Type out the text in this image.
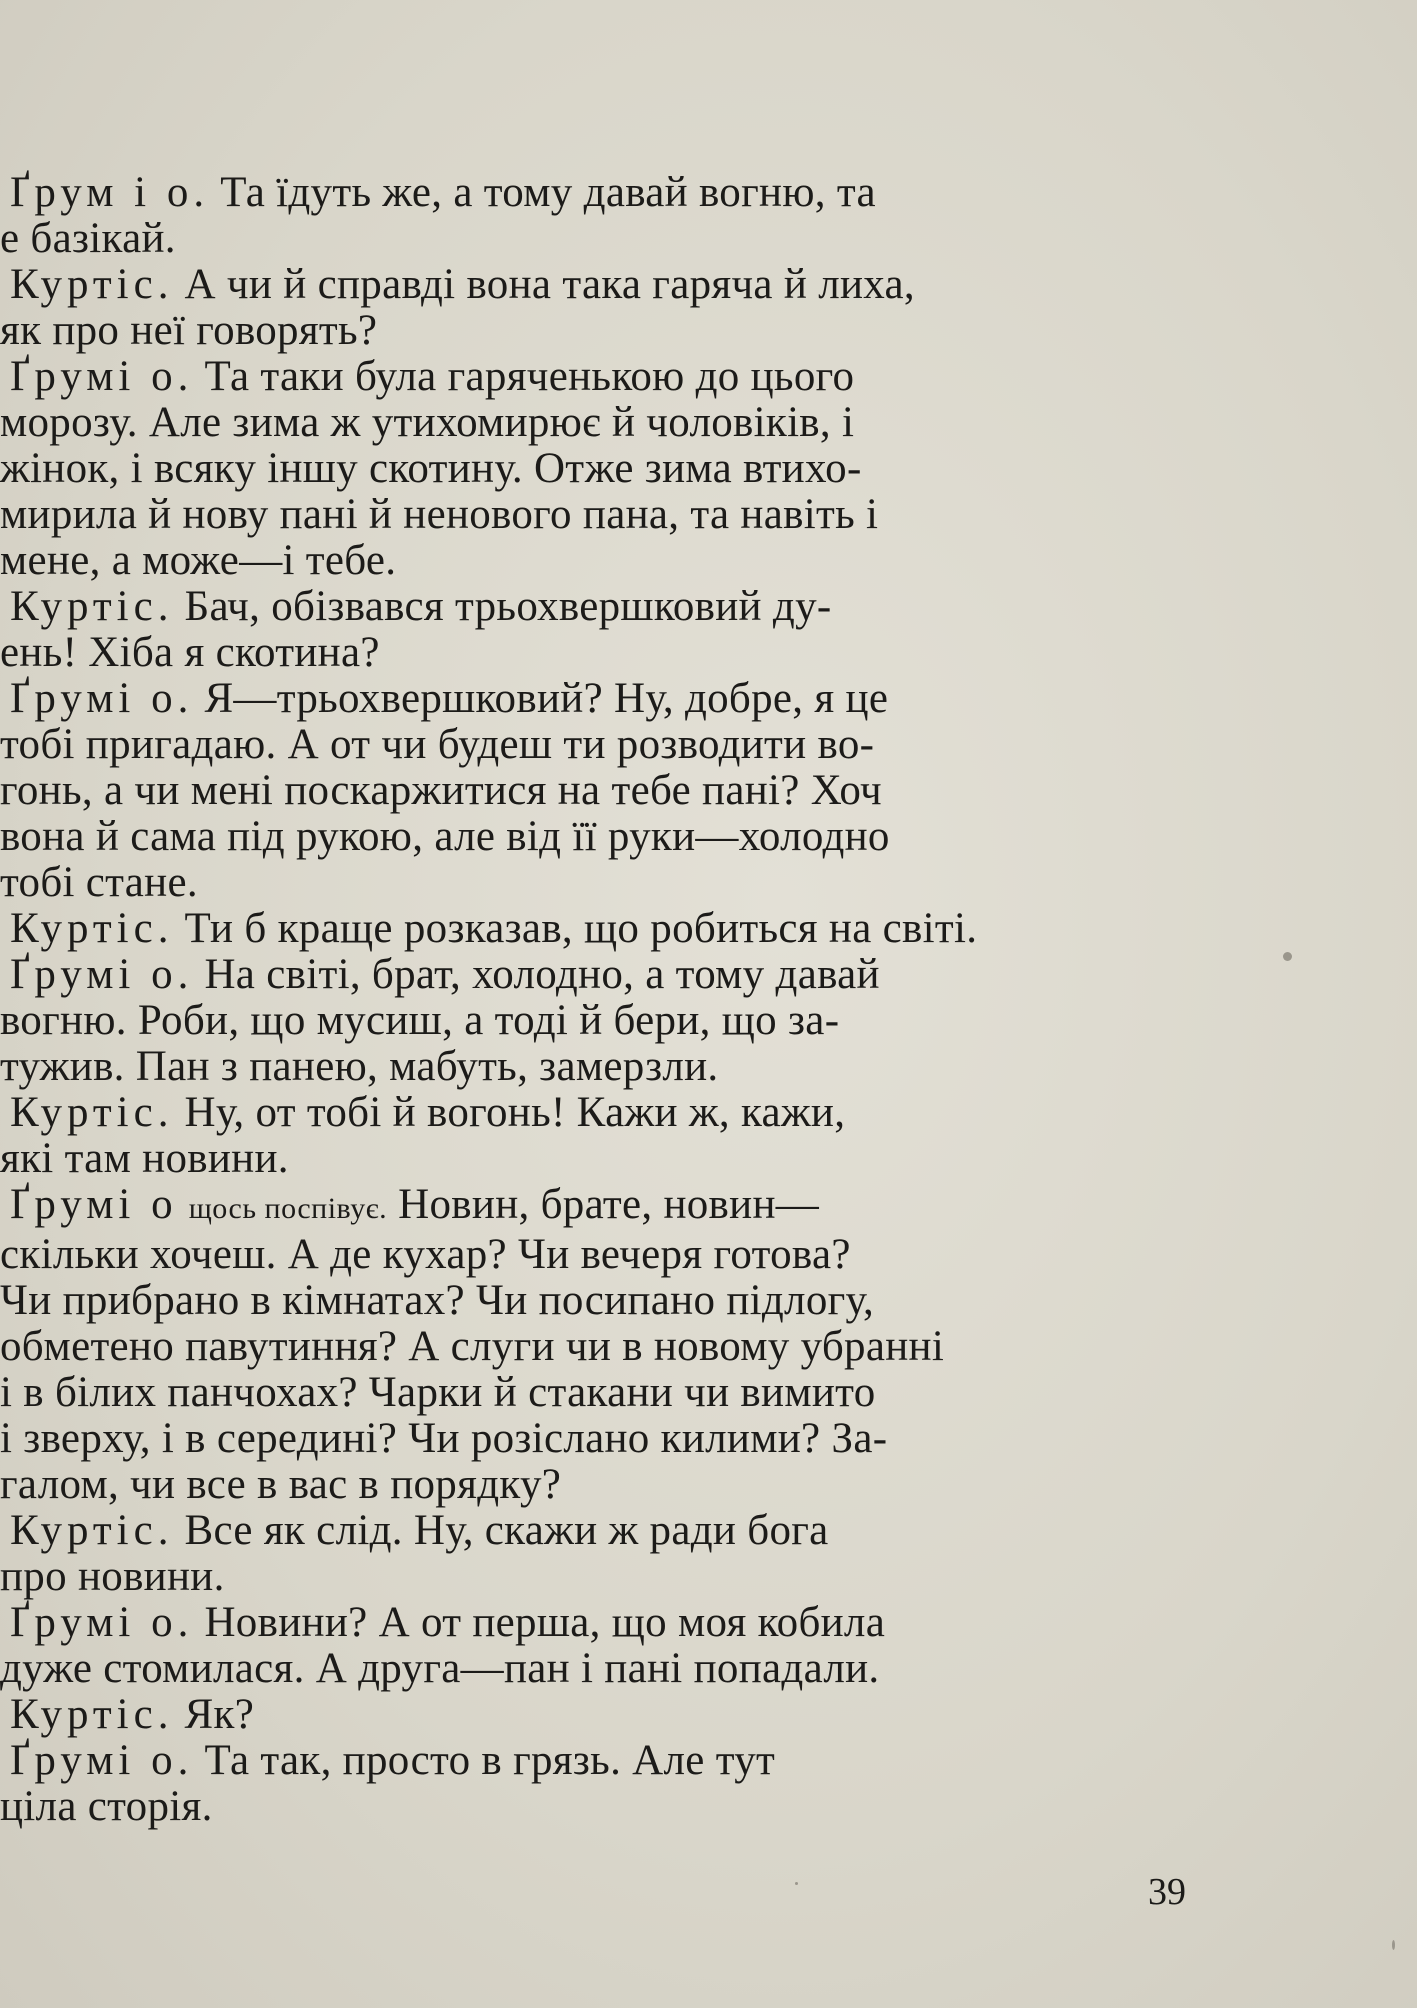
Ґрум і о. Та їдуть же, а тому давай вогню, та
е базікай.
Куртіс. А чи й справді вона така гаряча й лиха,
як про неї говорять?
Ґрумі о. Та таки була гаряченькою до цього
морозу. Але зима ж утихомирює й чоловіків, і
жінок, і всяку іншу скотину. Отже зима втихо-
мирила й нову пані й ненового пана, та навіть і
мене, а може—і тебе.
Куртіс. Бач, обізвався трьохвершковий ду-
ень! Хіба я скотина?
Ґрумі о. Я—трьохвершковий? Ну, добре, я це
тобі пригадаю. А от чи будеш ти розводити во-
гонь, а чи мені поскаржитися на тебе пані? Хоч
вона й сама під рукою, але від її руки—холодно
тобі стане.
Куртіс. Ти б краще розказав, що робиться на світі.
Ґрумі о. На світі, брат, холодно, а тому давай
вогню. Роби, що мусиш, а тоді й бери, що за-
тужив. Пан з панею, мабуть, замерзли.
Куртіс. Ну, от тобі й вогонь! Кажи ж, кажи,
які там новини.
Ґрумі о щось поспівує. Новин, брате, новин—
скільки хочеш. А де кухар? Чи вечеря готова?
Чи прибрано в кімнатах? Чи посипано підлогу,
обметено павутиння? А слуги чи в новому убранні
і в білих панчохах? Чарки й стакани чи вимито
і зверху, і в середині? Чи розіслано килими? За-
галом, чи все в вас в порядку?
Куртіс. Все як слід. Ну, скажи ж ради бога
про новини.
Ґрумі о. Новини? А от перша, що моя кобила
дуже стомилася. А друга—пан і пані попадали.
Куртіс. Як?
Ґрумі о. Та так, просто в грязь. Але тут
ціла сторія.
39
